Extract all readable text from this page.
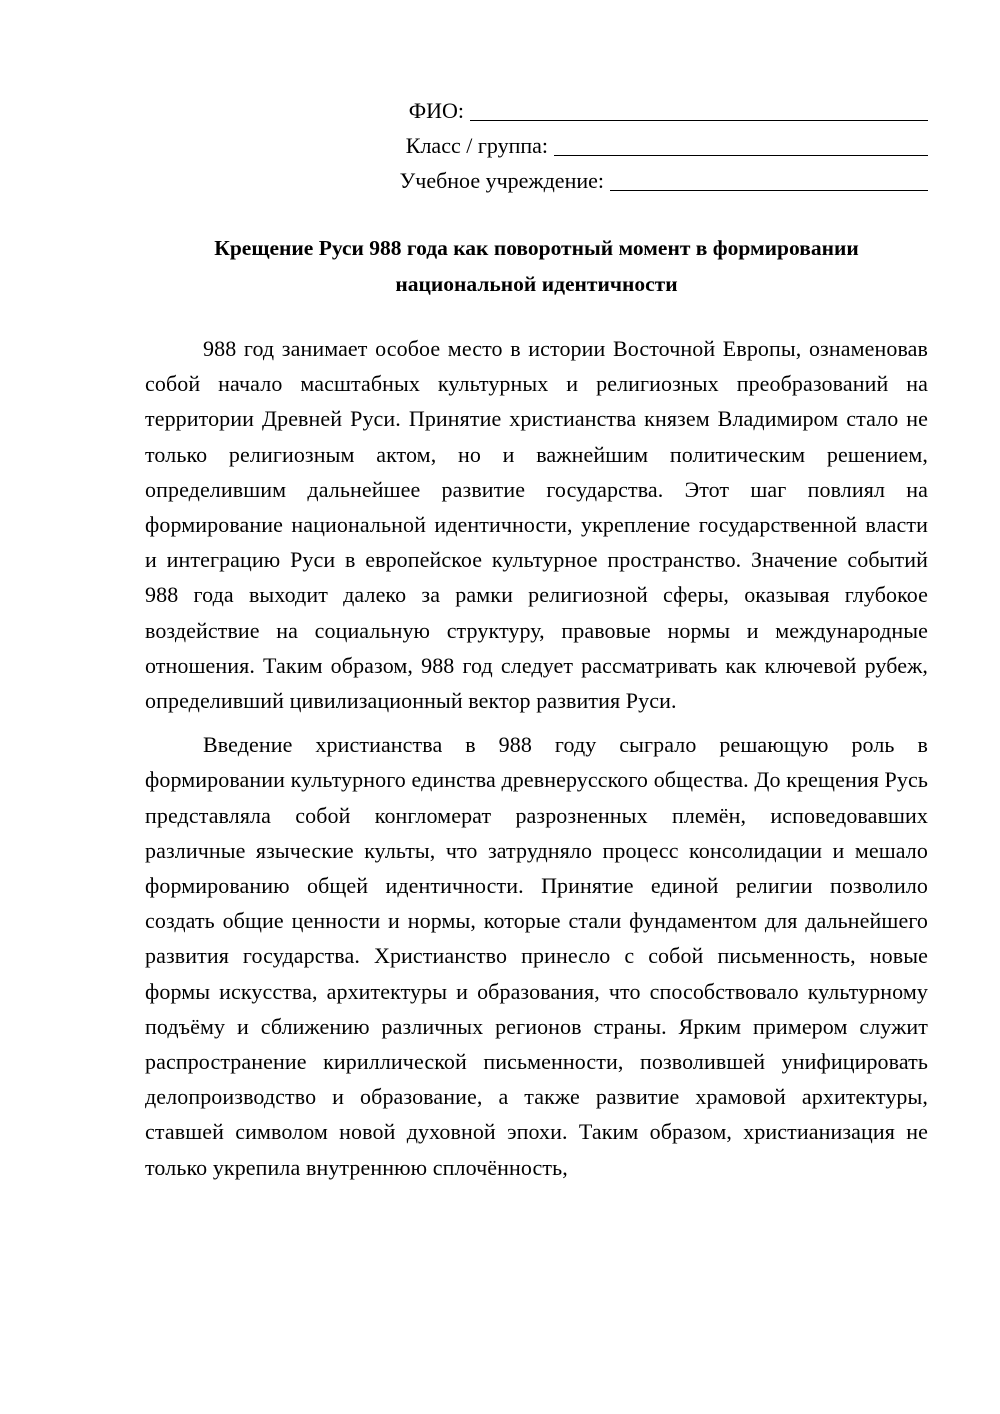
ФИО:
Класс / группа:
Учебное учреждение:
Крещение Руси 988 года как поворотный момент в формировании
национальной идентичности

988 год занимает особое место в истории Восточной Европы, ознаменовав собой начало масштабных культурных и религиозных преобразований на территории Древней Руси. Принятие христианства князем Владимиром стало не только религиозным актом, но и важнейшим политическим решением, определившим дальнейшее развитие государства. Этот шаг повлиял на формирование национальной идентичности, укрепление государственной власти и интеграцию Руси в европейское культурное пространство. Значение событий 988 года выходит далеко за рамки религиозной сферы, оказывая глубокое воздействие на социальную структуру, правовые нормы и международные отношения. Таким образом, 988 год следует рассматривать как ключевой рубеж, определивший цивилизационный вектор развития Руси.

Введение христианства в 988 году сыграло решающую роль в формировании культурного единства древнерусского общества. До крещения Русь представляла собой конгломерат разрозненных племён, исповедовавших различные языческие культы, что затрудняло процесс консолидации и мешало формированию общей идентичности. Принятие единой религии позволило создать общие ценности и нормы, которые стали фундаментом для дальнейшего развития государства. Христианство принесло с собой письменность, новые формы искусства, архитектуры и образования, что способствовало культурному подъёму и сближению различных регионов страны. Ярким примером служит распространение кириллической письменности, позволившей унифицировать делопроизводство и образование, а также развитие храмовой архитектуры, ставшей символом новой духовной эпохи. Таким образом, христианизация не только укрепила внутреннюю сплочённость,
